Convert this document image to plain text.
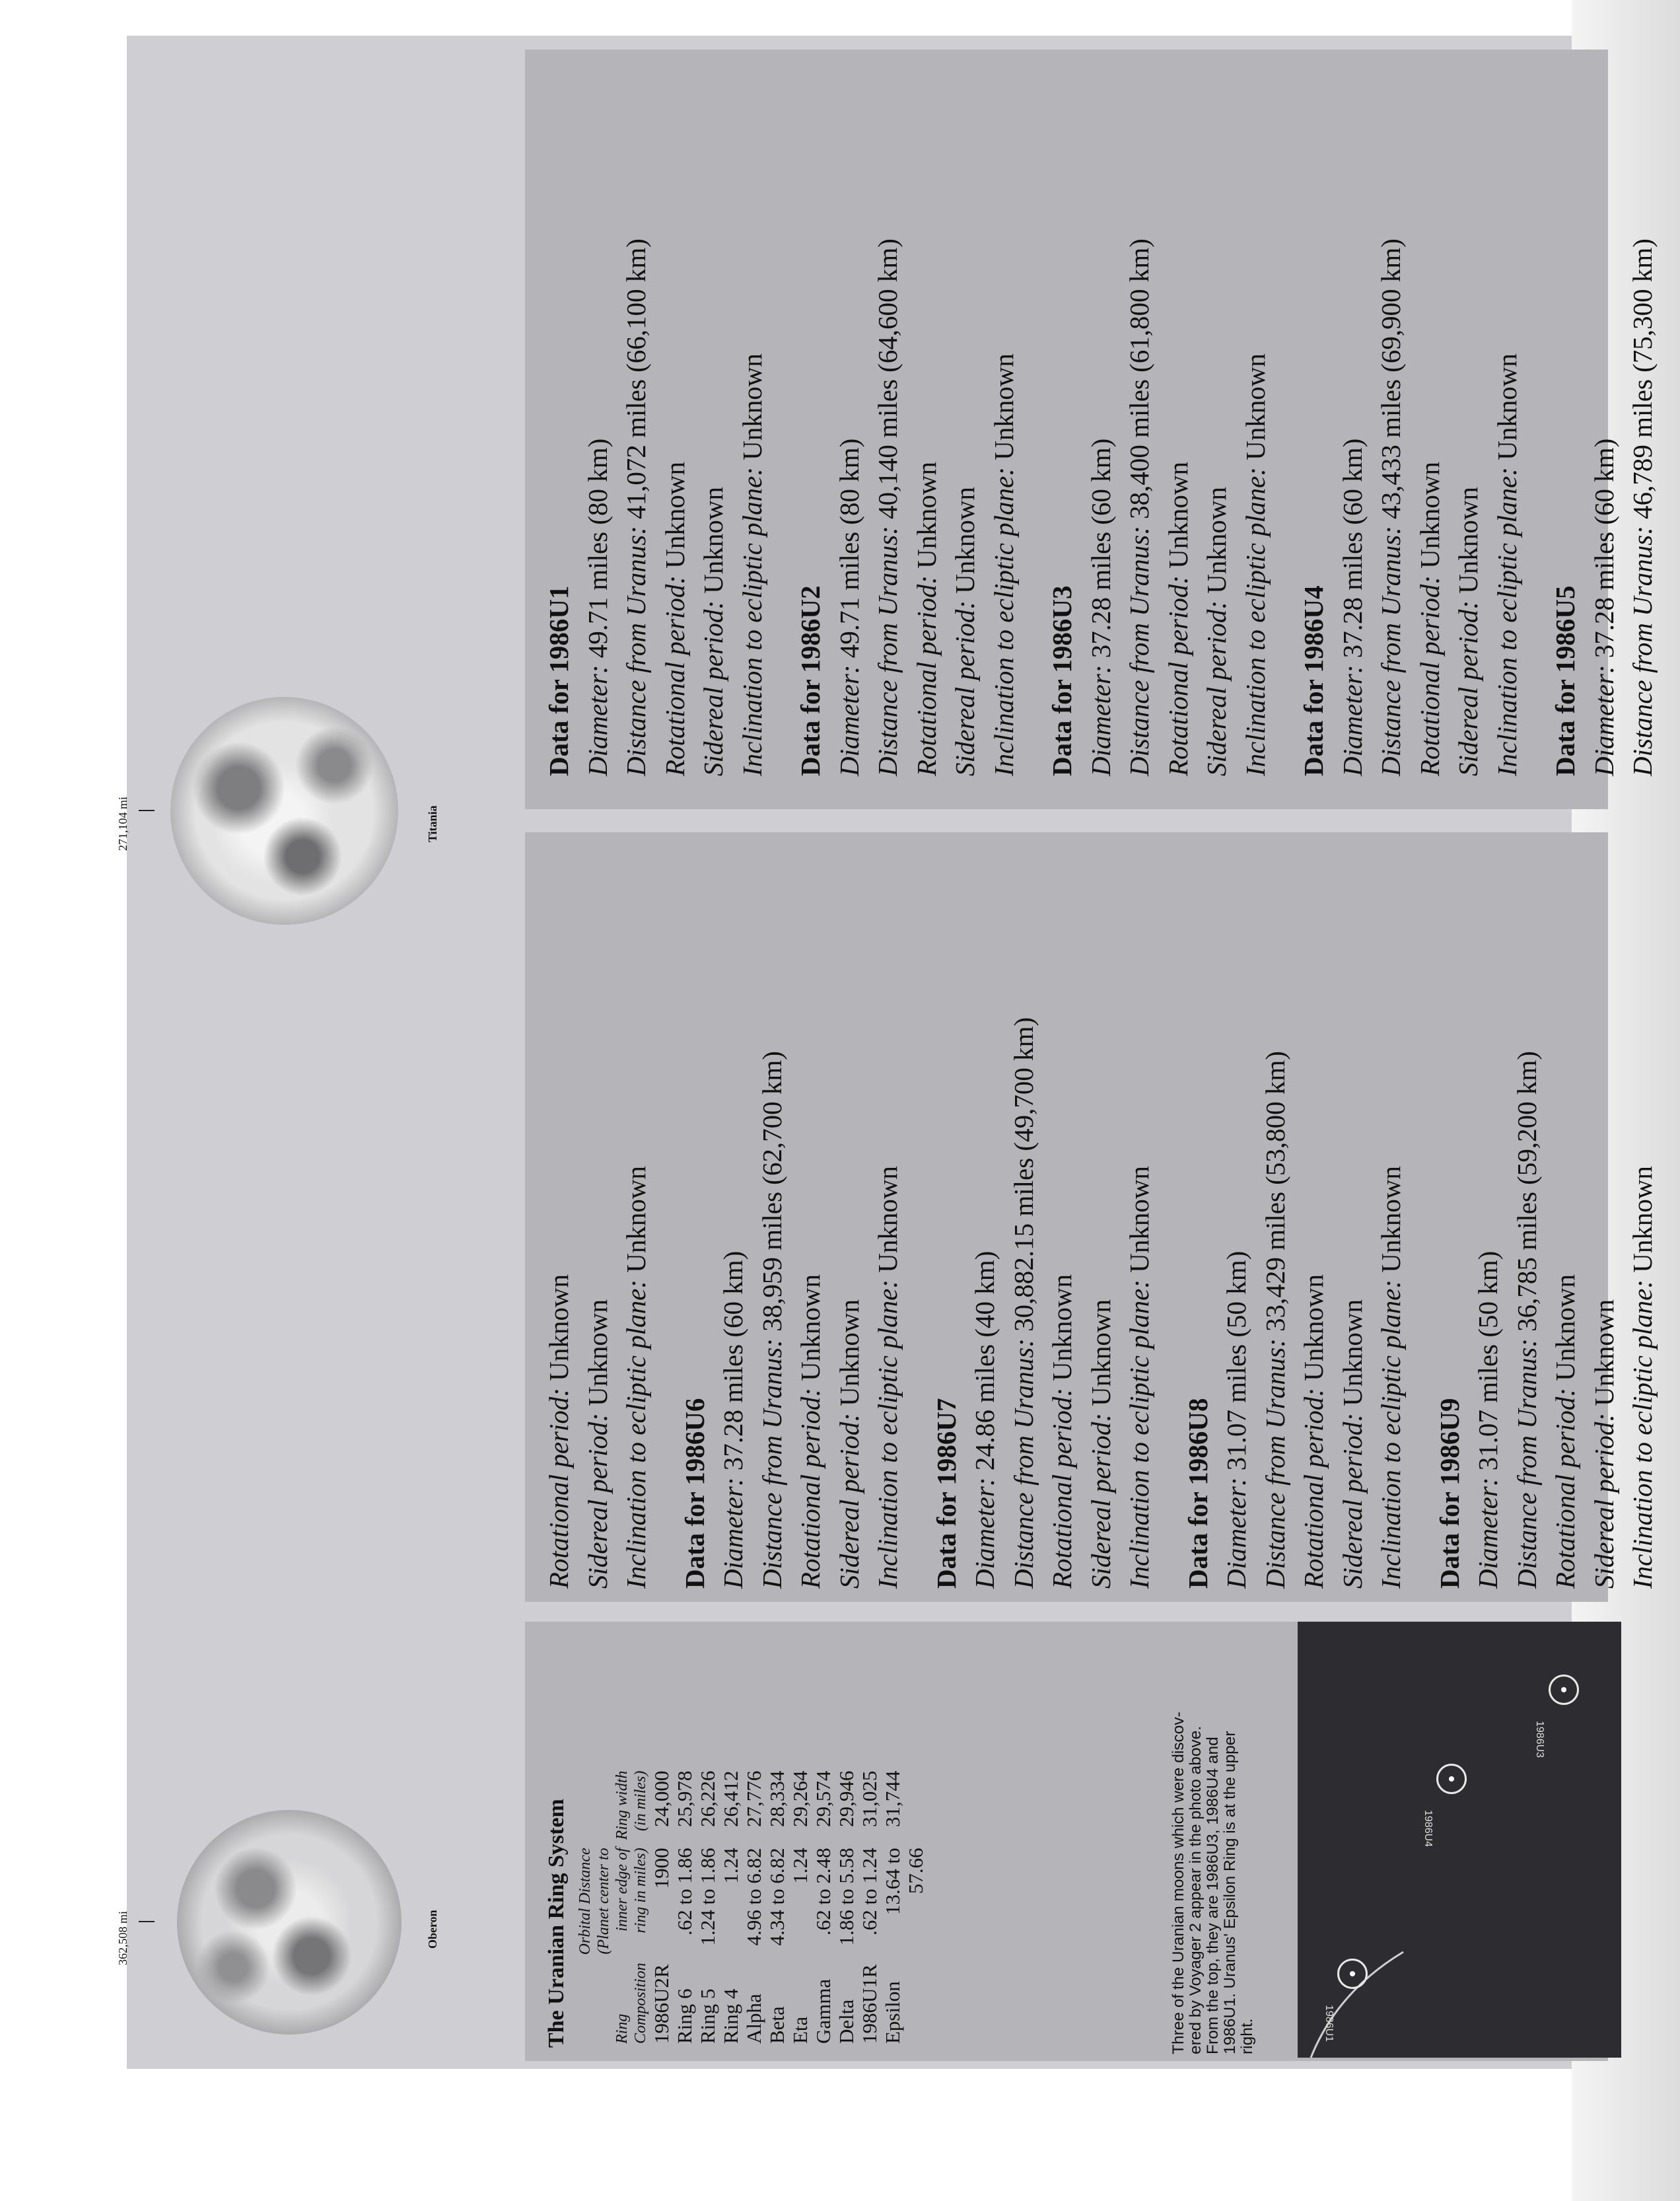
Data for 1986U1 Diameter: 49.71 miles (80 km) Distance from Uranus: 41,072 miles (66,100 km)
Rotational period: Unknown
Sidereal period: Unknown Inclination to ecliptic plane: Unknown
Data for 1986U2 Diameter: 49.71 miles (80 km) Distance from Uranus: 40,140 miles (64,600 km)
Rotational period: Unknown
Sidereal period: Unknown Inclination to ecliptic plane: Unknown
Data for 1986U3 Diameter: 37.28 miles (60 km) Distance from Uranus: 38,400 miles (61,800 km)
Rotational period: Unknown
Sidereal period: Unknown Inclination to ecliptic plane: Unknown
Data for 1986U4 Diameter: 37.28 miles (60 km) Distance from Uranus: 43,433 miles (69,900 km)
Rotational period: Unknown
Sidereal period: Unknown Inclination to ecliptic plane: Unknown
Data for 1986U5 Diameter: 37.28 miles (60 km) Distance from Uranus: 46,789 miles (75,300 km)
Rotational period: Unknown
Sidereal period: Unknown Inclination to ecliptic plane: Unknown
Data for 1986U6 Diameter: 37.28 miles (60 km) Distance from Uranus: 38,959 miles (62,700 km)
Rotational period: Unknown
Sidereal period: Unknown Inclination to ecliptic plane: Unknown
Data for 1986U7 Diameter: 24.86 miles (40 km) Distance from Uranus: 30,882.15 miles (49,700 km)
Rotational period: Unknown
Sidereal period: Unknown Inclination to ecliptic plane: Unknown
Data for 1986U8 Diameter: 31.07 miles (50 km) Distance from Uranus: 33,429 miles (53,800 km)
Rotational period: Unknown
Sidereal period: Unknown Inclination to ecliptic plane: Unknown
Data for 1986U9 Diameter: 31.07 miles (50 km) Distance from Uranus: 36,785 miles (59,200 km)
Rotational period: Unknown
Sidereal period: Unknown Inclination to ecliptic plane: Unknown
The Uranian Ring System	Ring
Composition	Orbital Distance
(Planet center to
inner edge of
ring in miles)	Ring width
(in miles)
1986U2R	1900	24,000
Ring 6	.62 to 1.86	25,978
Ring 5	1.24 to 1.86	26,226
Ring 4	1.24	26,412
Alpha	4.96 to 6.82	27,776
Beta	4.34 to 6.82	28,334
Eta	1.24	29,264
Gamma	.62 to 2.48	29,574
Delta	1.86 to 5.58	29,946
1986U1R	.62 to 1.24	31,025
Epsilon	13.64 to	31,744
	57.66	
1986U3
1986U4
1986U1
Three of the Uranian moons which were discov- ered by Voyager 2 appear in the photo above. From the top, they are 1986U3, 1986U4 and 1986U1. Uranus' Epsilon Ring is at the upper right.
Titania
Oberon
271,104 mi
362,508 mi
